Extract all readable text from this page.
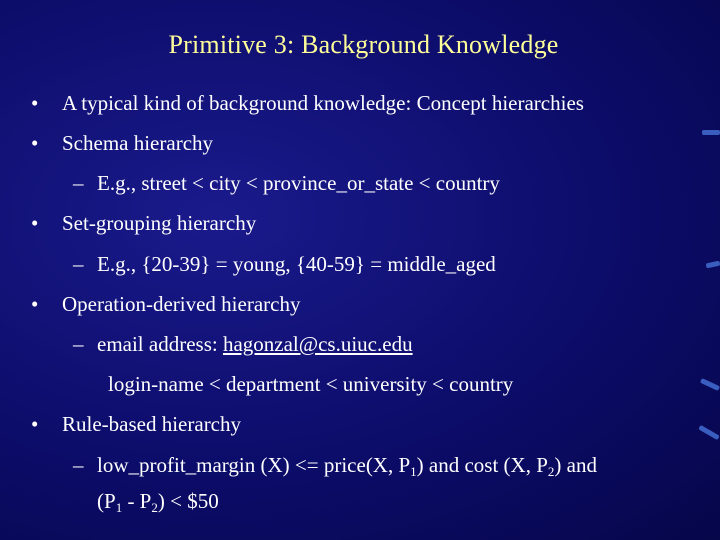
Primitive 3: Background Knowledge
•	A typical kind of background knowledge: Concept hierarchies
•	Schema hierarchy
– E.g., street < city < province_or_state < country
•	Set-grouping hierarchy
– E.g., {20-39} = young, {40-59} = middle_aged
•	Operation-derived hierarchy
– email address: hagonzal@cs.uiuc.edu
login-name < department < university < country
•	Rule-based hierarchy
– low_profit_margin (X) <= price(X, $P_1$) and cost (X, $P_2$) and
$(P_1 - P_2)$ < $50
